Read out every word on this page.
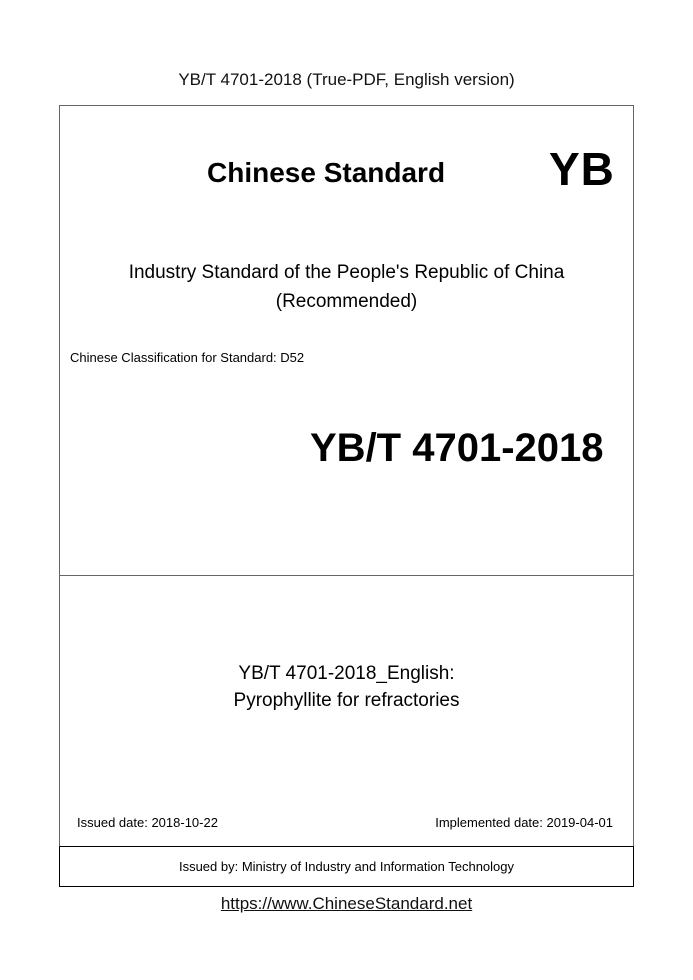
YB/T 4701-2018 (True-PDF, English version)
Chinese Standard YB
Industry Standard of the People's Republic of China
(Recommended)
Chinese Classification for Standard: D52
YB/T 4701-2018
YB/T 4701-2018_English:
Pyrophyllite for refractories
Issued date: 2018-10-22	Implemented date: 2019-04-01
Issued by: Ministry of Industry and Information Technology
https://www.ChineseStandard.net
